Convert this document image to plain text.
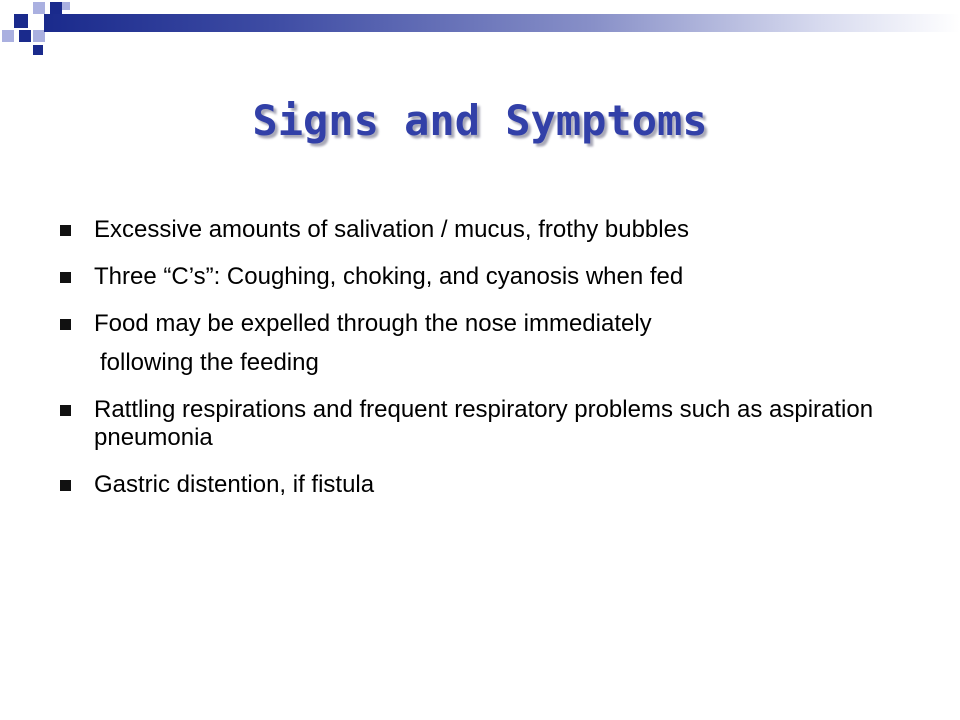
Signs and Symptoms
Excessive amounts of salivation / mucus, frothy bubbles
Three “C’s”: Coughing, choking, and cyanosis when fed
Food may be expelled through the nose immediately
following the feeding
Rattling respirations and frequent respiratory problems such as aspiration pneumonia
Gastric distention, if fistula
